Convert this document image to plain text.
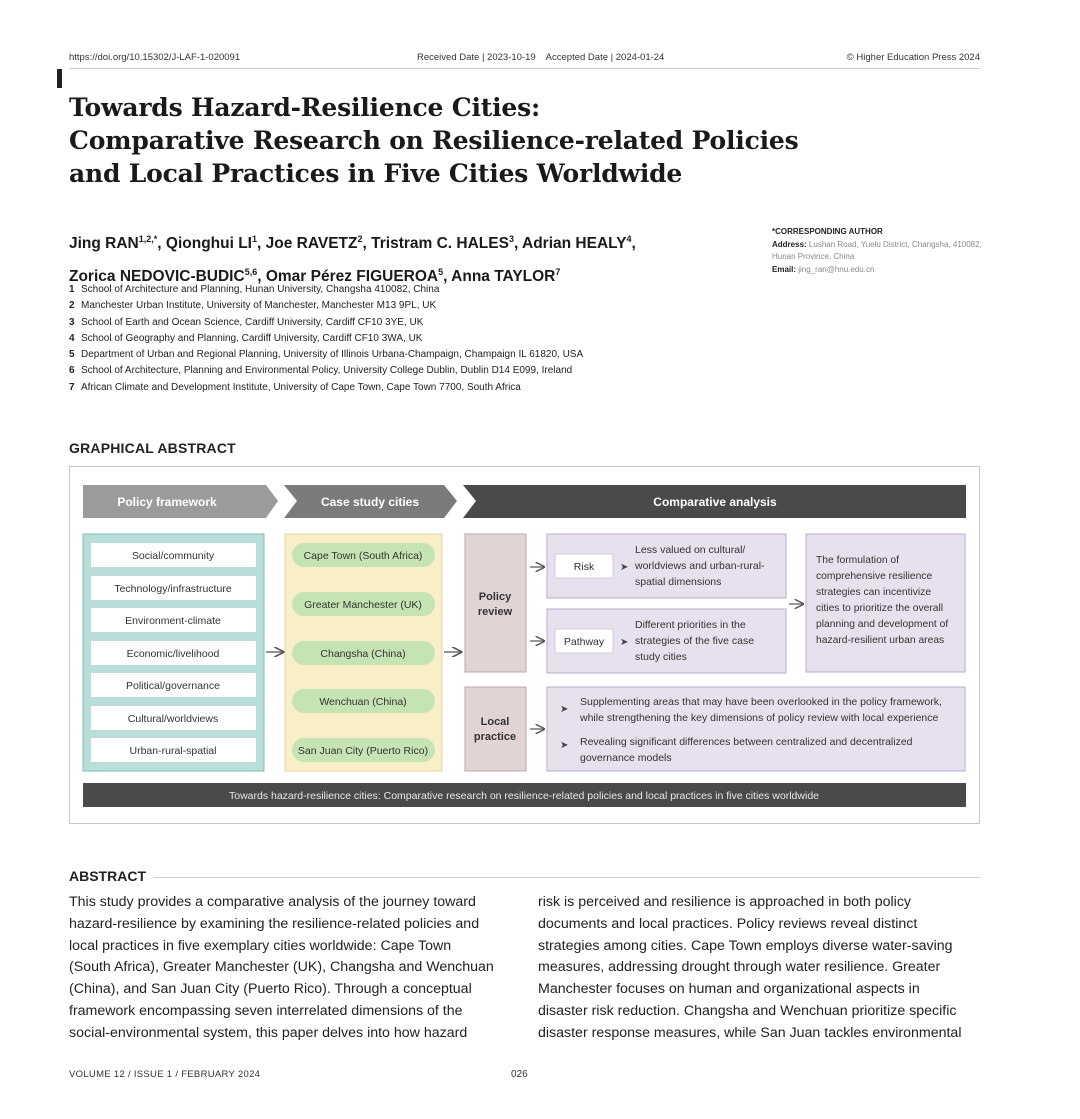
https://doi.org/10.15302/J-LAF-1-020091	Received Date | 2023-10-19    Accepted Date | 2024-01-24	© Higher Education Press 2024
Towards Hazard-Resilience Cities:
Comparative Research on Resilience-related Policies
and Local Practices in Five Cities Worldwide
Jing $RAN^{1,2,*}$, Qionghui $LI^1$, Joe RAVETZ$^2$, Tristram C. HALES$^3$, Adrian HEALY$^4$,
Zorica NEDOVIC-BUDIC$^{5,6}$, Omar Pérez FIGUEROA$^5$, Anna TAYLOR$^7$
*CORRESPONDING AUTHOR
Address: Lushan Road, Yuelu District, Changsha, 410082, Hunan Province, China
Email: jing_ran@hnu.edu.cn
1 School of Architecture and Planning, Hunan University, Changsha 410082, China
2 Manchester Urban Institute, University of Manchester, Manchester M13 9PL, UK
3 School of Earth and Ocean Science, Cardiff University, Cardiff CF10 3YE, UK
4 School of Geography and Planning, Cardiff University, Cardiff CF10 3WA, UK
5 Department of Urban and Regional Planning, University of Illinois Urbana-Champaign, Champaign IL 61820, USA
6 School of Architecture, Planning and Environmental Policy, University College Dublin, Dublin D14 E099, Ireland
7 African Climate and Development Institute, University of Cape Town, Cape Town 7700, South Africa
GRAPHICAL ABSTRACT
Policy framework	Case study cities	Comparative analysis
Social/community
Technology/infrastructure
Environment-climate
Economic/livelihood
Political/governance
Cultural/worldviews
Urban-rural-spatial
Cape Town (South Africa)
Greater Manchester (UK)
Changsha (China)
Wenchuan (China)
San Juan City (Puerto Rico)
Policy
review
Risk	➤
Less valued on cultural/
worldviews and urban-rural-
spatial dimensions
Pathway ➤
Different priorities in the
strategies of the five case
study cities
The formulation of
comprehensive resilience
strategies can incentivize
cities to prioritize the overall
planning and development of
hazard-resilient urban areas
Local
practice
➤
Supplementing areas that may have been overlooked in the policy framework,
while strengthening the key dimensions of policy review with local experience
➤ Revealing significant differences between centralized and decentralized
governance models
Towards hazard-resilience cities: Comparative research on resilience-related policies and local practices in five cities worldwide
ABSTRACT
This study provides a comparative analysis of the journey toward
hazard-resilience by examining the resilience-related policies and
local practices in five exemplary cities worldwide: Cape Town
(South Africa), Greater Manchester (UK), Changsha and Wenchuan
(China), and San Juan City (Puerto Rico). Through a conceptual
framework encompassing seven interrelated dimensions of the
social-environmental system, this paper delves into how hazard
risk is perceived and resilience is approached in both policy
documents and local practices. Policy reviews reveal distinct
strategies among cities. Cape Town employs diverse water-saving
measures, addressing drought through water resilience. Greater
Manchester focuses on human and organizational aspects in
disaster risk reduction. Changsha and Wenchuan prioritize specific
disaster response measures, while San Juan tackles environmental
VOLUME 12 / ISSUE 1 / FEBRUARY 2024	026
